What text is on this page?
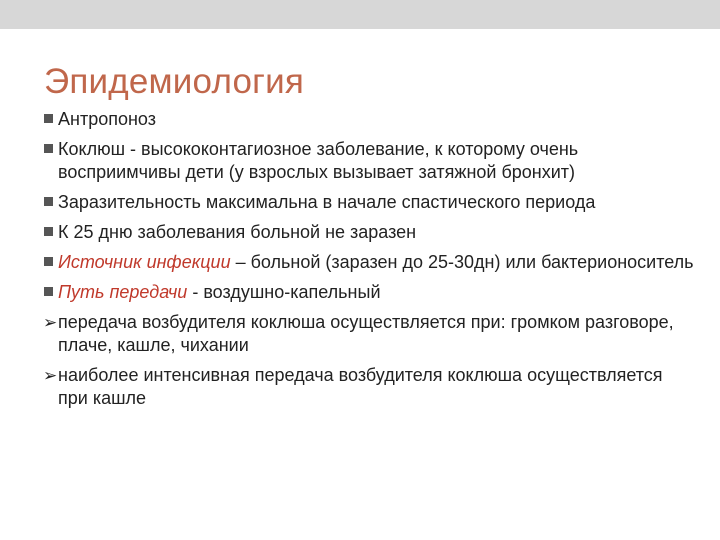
Эпидемиология
Антропоноз
Коклюш - высококонтагиозное заболевание, к которому очень восприимчивы дети (у взрослых вызывает затяжной бронхит)
Заразительность максимальна в начале спастического периода
К 25 дню заболевания больной не заразен
Источник инфекции – больной (заразен до 25-30дн) или бактерионоситель
Путь передачи - воздушно-капельный
➢ передача возбудителя коклюша осуществляется при: громком разговоре, плаче, кашле, чихании
➢ наиболее интенсивная передача возбудителя коклюша осуществляется при кашле
